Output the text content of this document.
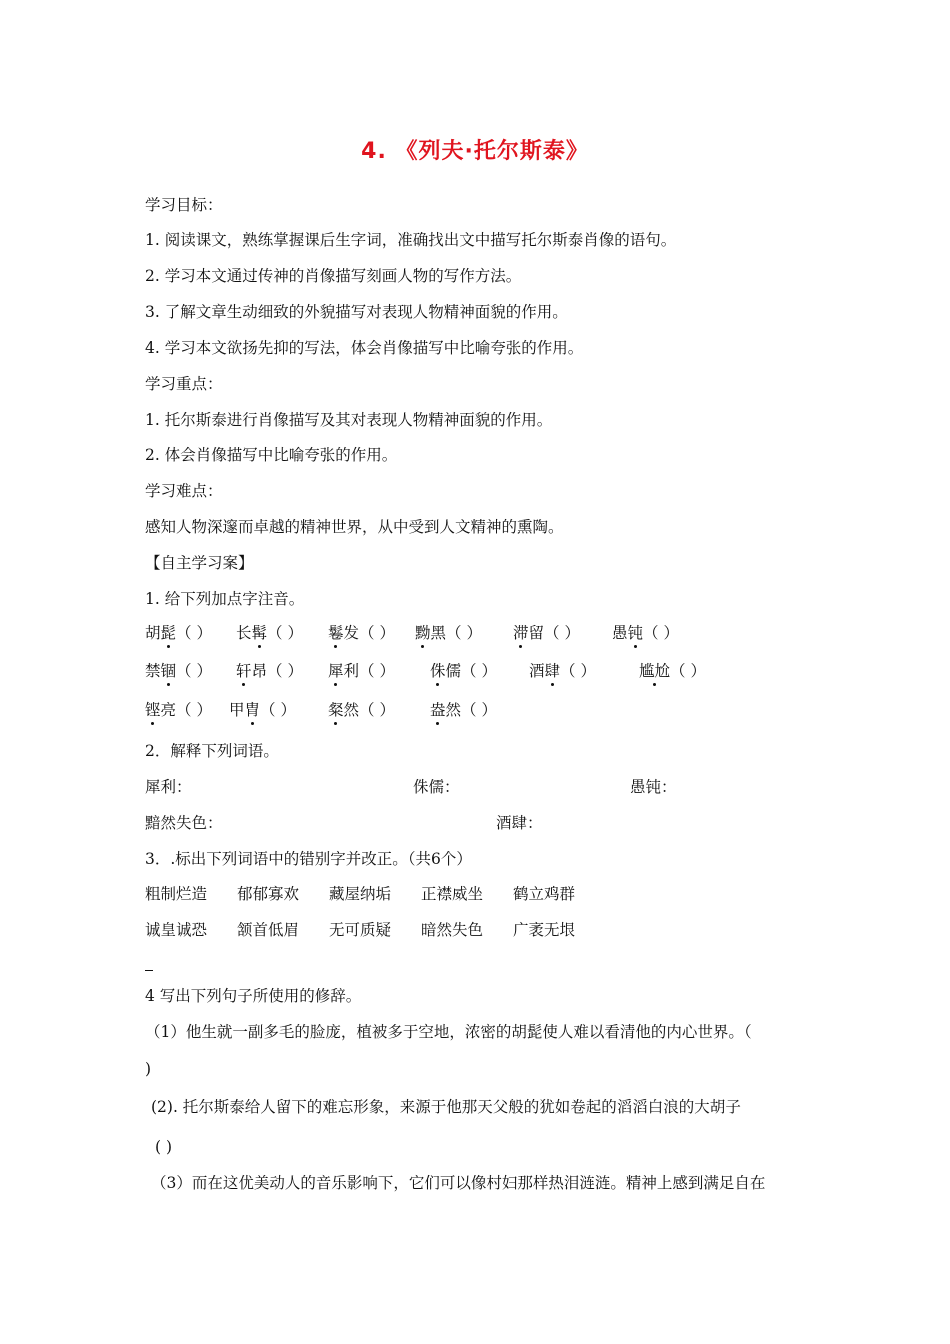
4. 《列夫·托尔斯泰》
学习目标：
1. 阅读课文，熟练掌握课后生字词，准确找出文中描写托尔斯泰肖像的语句。
2. 学习本文通过传神的肖像描写刻画人物的写作方法。
3. 了解文章生动细致的外貌描写对表现人物精神面貌的作用。
4. 学习本文欲扬先抑的写法，体会肖像描写中比喻夸张的作用。
学习重点：
1. 托尔斯泰进行肖像描写及其对表现人物精神面貌的作用。
2. 体会肖像描写中比喻夸张的作用。
学习难点：
感知人物深邃而卓越的精神世界，从中受到人文精神的熏陶。
【自主学习案】
1. 给下列加点字注音。
胡髭（ ） 长髯（ ） 鬈发（ ） 黝黑（ ） 滞留（ ） 愚钝（ ）
禁锢（ ） 轩昂（ ） 犀利（ ） 侏儒（ ） 酒肆（ ）	尴尬（ ）
铿亮（ ） 甲胄（ ） 粲然（ ） 盎然（ ）
2．解释下列词语。
犀利：	侏儒：	愚钝：
黯然失色：	酒肆：
3．.标出下列词语中的错别字并改正。（共6个）
粗制烂造 郁郁寡欢 藏屋纳垢 正襟威坐 鹤立鸡群
诚皇诚恐 颔首低眉 无可质疑 暗然失色 广袤无垠
4 写出下列句子所使用的修辞。
（1）他生就一副多毛的脸庞，植被多于空地，浓密的胡髭使人难以看清他的内心世界。（
)
(2). 托尔斯泰给人留下的难忘形象，来源于他那天父般的犹如卷起的滔滔白浪的大胡子
( )
（3）而在这优美动人的音乐影响下，它们可以像村妇那样热泪涟涟。精神上感到满足自在
